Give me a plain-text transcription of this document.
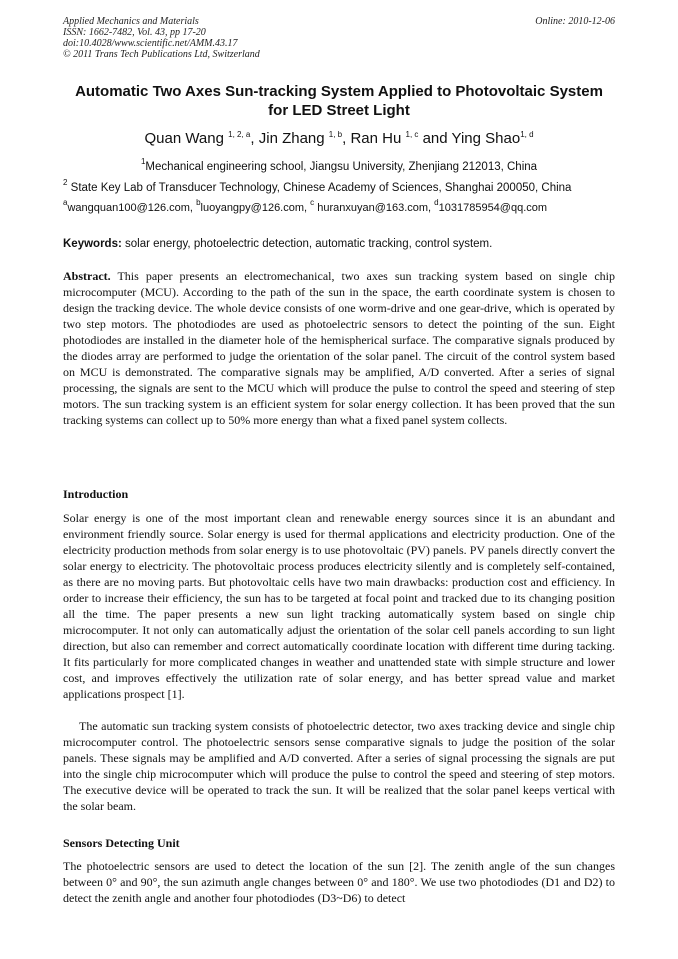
Applied Mechanics and Materials
ISSN: 1662-7482, Vol. 43, pp 17-20
doi:10.4028/www.scientific.net/AMM.43.17
© 2011 Trans Tech Publications Ltd, Switzerland
Online: 2010-12-06
Automatic Two Axes Sun-tracking System Applied to Photovoltaic System for LED Street Light
Quan Wang $^{1, 2, a}$, Jin Zhang $^{1, b}$, Ran Hu $^{1, c}$ and Ying Shao$^{1, d}$
$^1$Mechanical engineering school, Jiangsu University, Zhenjiang 212013, China
$^2$ State Key Lab of Transducer Technology, Chinese Academy of Sciences, Shanghai 200050, China
$^a$wangquan100@126.com, $^b$luoyangpy@126.com, $^c$ huranxuyan@163.com, $^d$1031785954@qq.com
Keywords: solar energy, photoelectric detection, automatic tracking, control system.
Abstract. This paper presents an electromechanical, two axes sun tracking system based on single chip microcomputer (MCU). According to the path of the sun in the space, the earth coordinate system is chosen to design the tracking device. The whole device consists of one worm-drive and one gear-drive, which is operated by two step motors. The photodiodes are used as photoelectric sensors to detect the pointing of the sun. Eight photodiodes are installed in the diameter hole of the hemispherical surface. The comparative signals produced by the diodes array are performed to judge the orientation of the solar panel. The circuit of the control system based on MCU is demonstrated. The comparative signals may be amplified, A/D converted. After a series of signal processing, the signals are sent to the MCU which will produce the pulse to control the speed and steering of step motors. The sun tracking system is an efficient system for solar energy collection. It has been proved that the sun tracking systems can collect up to 50% more energy than what a fixed panel system collects.
Introduction
Solar energy is one of the most important clean and renewable energy sources since it is an abundant and environment friendly source. Solar energy is used for thermal applications and electricity production. One of the electricity production methods from solar energy is to use photovoltaic (PV) panels. PV panels directly convert the solar energy to electricity. The photovoltaic process produces electricity silently and is completely self-contained, as there are no moving parts. But photovoltaic cells have two main drawbacks: production cost and efficiency. In order to increase their efficiency, the sun has to be targeted at focal point and tracked due to its changing position all the time. The paper presents a new sun light tracking automatically system based on single chip microcomputer. It not only can automatically adjust the orientation of the solar cell panels according to sun light direction, but also can remember and correct automatically coordinate location with different time during tacking. It fits particularly for more complicated changes in weather and unattended state with simple structure and lower cost, and improves effectively the utilization rate of solar energy, and has better spread value and market applications prospect [1].
The automatic sun tracking system consists of photoelectric detector, two axes tracking device and single chip microcomputer control. The photoelectric sensors sense comparative signals to judge the position of the solar panels. These signals may be amplified and A/D converted. After a series of signal processing the signals are put into the single chip microcomputer which will produce the pulse to control the speed and steering of step motors. The executive device will be operated to track the sun. It will be realized that the solar panel keeps vertical with the solar beam.
Sensors Detecting Unit
The photoelectric sensors are used to detect the location of the sun [2]. The zenith angle of the sun changes between 0° and 90°, the sun azimuth angle changes between 0° and 180°. We use two photodiodes (D1 and D2) to detect the zenith angle and another four photodiodes (D3~D6) to detect
